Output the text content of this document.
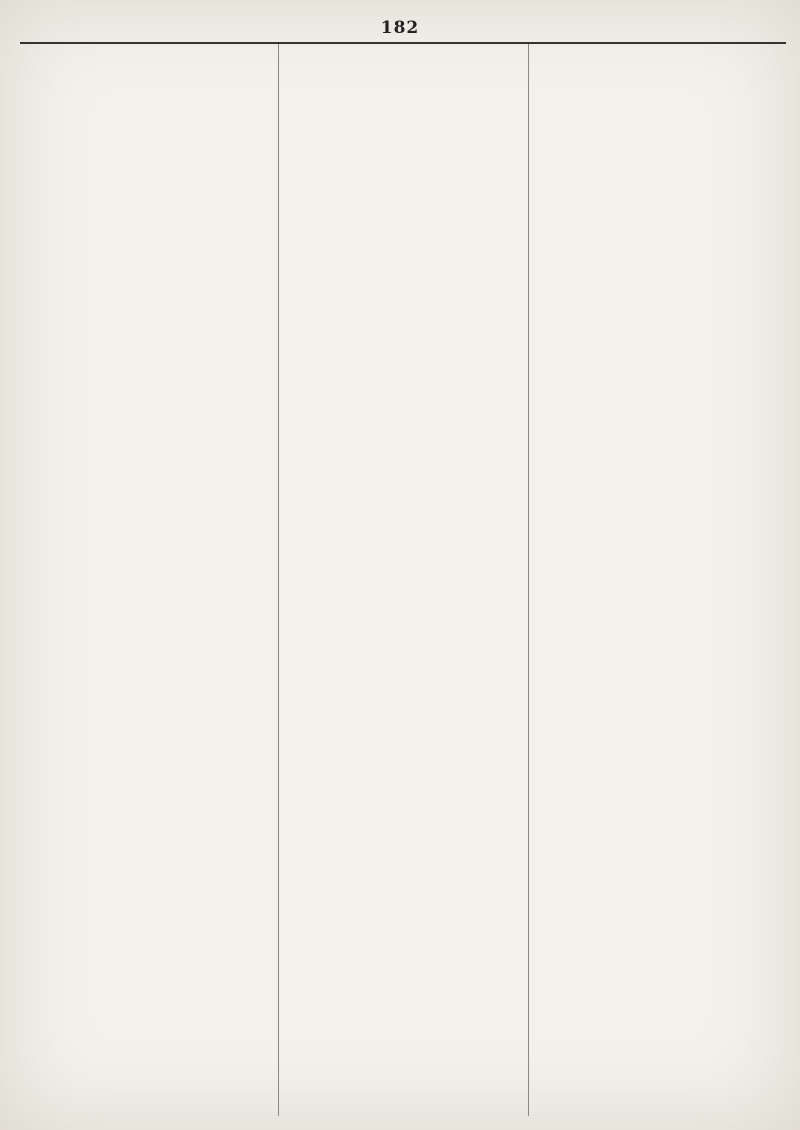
182
